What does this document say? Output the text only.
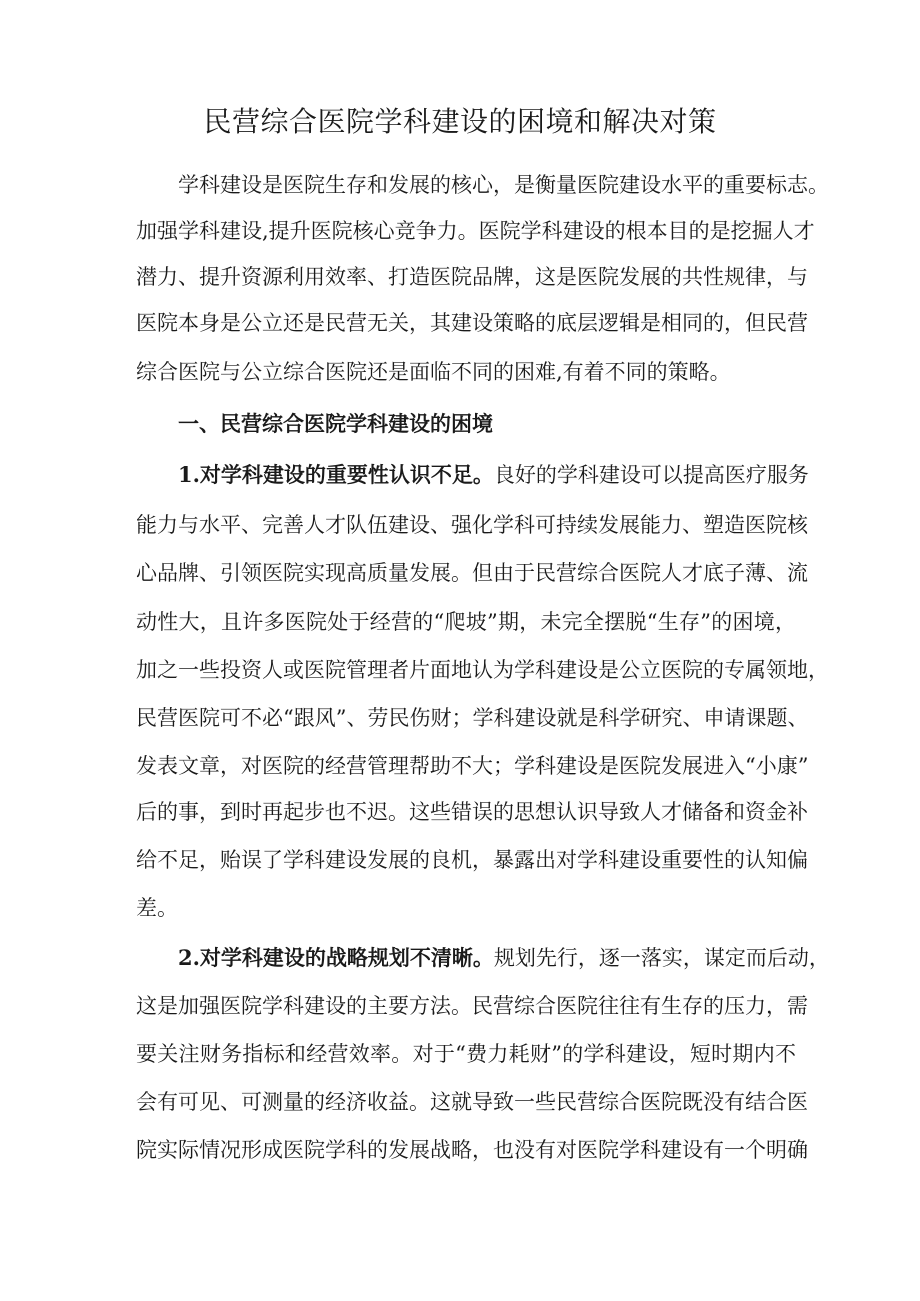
民营综合医院学科建设的困境和解决对策
学科建设是医院生存和发展的核心，是衡量医院建设水平的重要标志。
加强学科建设,提升医院核心竞争力。医院学科建设的根本目的是挖掘人才
潜力、提升资源利用效率、打造医院品牌，这是医院发展的共性规律，与
医院本身是公立还是民营无关，其建设策略的底层逻辑是相同的，但民营
综合医院与公立综合医院还是面临不同的困难,有着不同的策略。
一、民营综合医院学科建设的困境
1.对学科建设的重要性认识不足。良好的学科建设可以提高医疗服务
能力与水平、完善人才队伍建设、强化学科可持续发展能力、塑造医院核
心品牌、引领医院实现高质量发展。但由于民营综合医院人才底子薄、流
动性大，且许多医院处于经营的“爬坡”期，未完全摆脱“生存”的困境，
加之一些投资人或医院管理者片面地认为学科建设是公立医院的专属领地，
民营医院可不必“跟风”、劳民伤财；学科建设就是科学研究、申请课题、
发表文章，对医院的经营管理帮助不大；学科建设是医院发展进入“小康”
后的事，到时再起步也不迟。这些错误的思想认识导致人才储备和资金补
给不足，贻误了学科建设发展的良机，暴露出对学科建设重要性的认知偏
差。
2.对学科建设的战略规划不清晰。规划先行，逐一落实，谋定而后动，
这是加强医院学科建设的主要方法。民营综合医院往往有生存的压力，需
要关注财务指标和经营效率。对于“费力耗财”的学科建设，短时期内不
会有可见、可测量的经济收益。这就导致一些民营综合医院既没有结合医
院实际情况形成医院学科的发展战略，也没有对医院学科建设有一个明确
